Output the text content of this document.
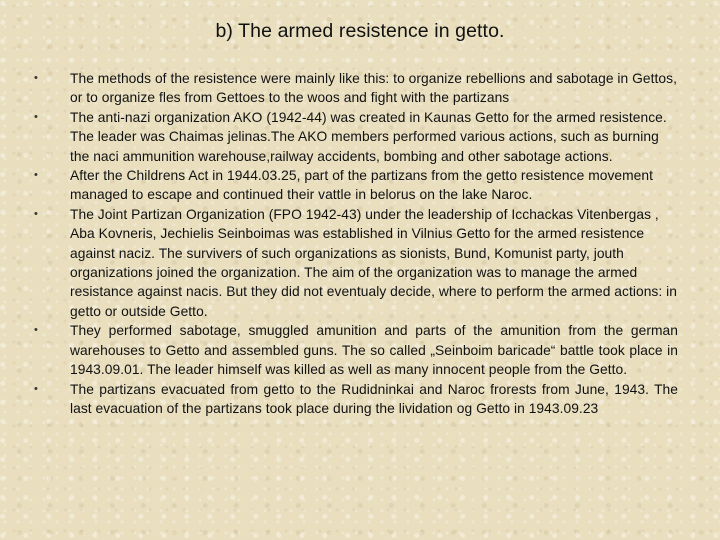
b) The armed resistence in getto.
•	The methods of the resistence were mainly like this: to organize rebellions and sabotage in Gettos, or to organize fles from Gettoes to the woos and fight with the partizans
•	The anti-nazi organization AKO (1942-44) was created in Kaunas Getto for the armed resistence. The leader was Chaimas jelinas.The AKO members performed various actions, such as burning the naci ammunition warehouse,railway accidents, bombing and other sabotage actions.
•	After the Childrens Act in 1944.03.25, part of the partizans from the getto resistence movement managed to escape and continued their vattle in belorus on the lake Naroc.
•	The Joint Partizan Organization (FPO 1942-43) under the leadership of Icchackas Vitenbergas , Aba Kovneris, Jechielis Seinboimas was established in Vilnius Getto for the armed resistence against naciz. The survivers of such organizations as sionists, Bund, Komunist party, jouth organizations joined the organization. The aim of the organization was to manage the armed resistance against nacis. But they did not eventualy decide, where to perform the armed actions: in getto or outside Getto.
•	They performed sabotage, smuggled amunition and parts of the amunition from the german warehouses to Getto and assembled guns. The so called „Seinboim baricade“ battle took place in 1943.09.01. The leader himself was killed as well as many innocent people from the Getto.
•	The partizans evacuated from getto to the Rudidninkai and Naroc frorests from June, 1943. The last evacuation of the partizans took place during the lividation og Getto in 1943.09.23
